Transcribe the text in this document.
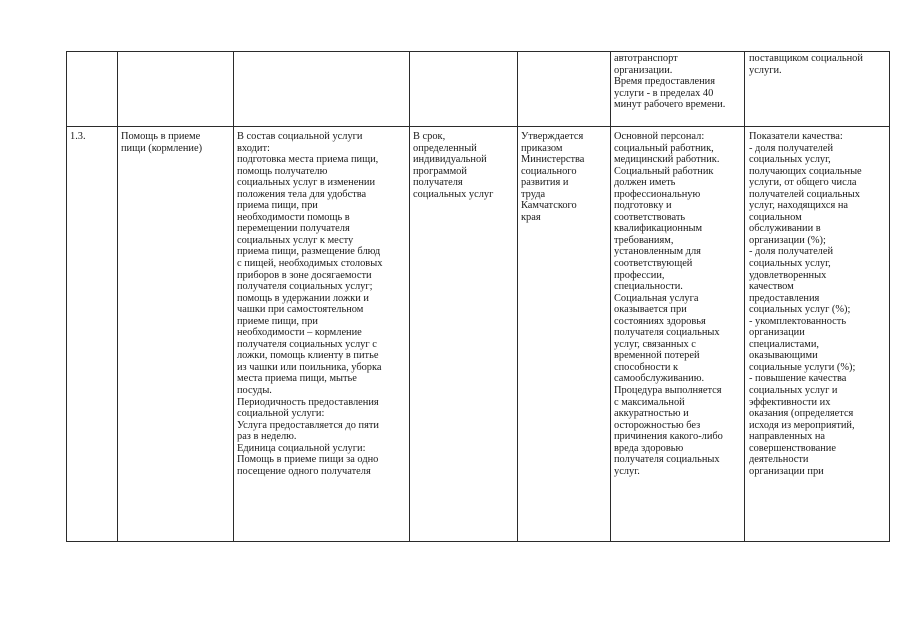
автотранспорт
организации.
Время предоставления
услуги - в пределах 40
минут рабочего времени.
поставщиком социальной
услуги.
1.3.	Помощь в приеме
пищи (кормление)
В состав социальной услуги
входит:
подготовка места приема пищи,
помощь получателю
социальных услуг в изменении
положения тела для удобства
приема пищи, при
необходимости помощь в
перемещении получателя
социальных услуг к месту
приема пищи, размещение блюд
с пищей, необходимых столовых
приборов в зоне досягаемости
получателя социальных услуг;
помощь в удержании ложки и
чашки при самостоятельном
приеме пищи, при
необходимости – кормление
получателя социальных услуг с
ложки, помощь клиенту в питье
из чашки или поильника, уборка
места приема пищи, мытье
посуды.
Периодичность предоставления
социальной услуги:
Услуга предоставляется до пяти
раз в неделю.
Единица социальной услуги:
Помощь в приеме пищи за одно
посещение одного получателя
В срок,
определенный
индивидуальной
программой
получателя
социальных услуг
Утверждается
приказом
Министерства
социального
развития и
труда
Камчатского
края
Основной персонал:
социальный работник,
медицинский работник.
Социальный работник
должен иметь
профессиональную
подготовку и
соответствовать
квалификационным
требованиям,
установленным для
соответствующей
профессии,
специальности.
Социальная услуга
оказывается при
состояниях здоровья
получателя социальных
услуг, связанных с
временной потерей
способности к
самообслуживанию.
Процедура выполняется
с максимальной
аккуратностью и
осторожностью без
причинения какого-либо
вреда здоровью
получателя социальных
услуг.
Показатели качества:
- доля получателей
социальных услуг,
получающих социальные
услуги, от общего числа
получателей социальных
услуг, находящихся на
социальном
обслуживании в
организации (%);
- доля получателей
социальных услуг,
удовлетворенных
качеством
предоставления
социальных услуг (%);
- укомплектованность
организации
специалистами,
оказывающими
социальные услуги (%);
- повышение качества
социальных услуг и
эффективности их
оказания (определяется
исходя из мероприятий,
направленных на
совершенствование
деятельности
организации при
